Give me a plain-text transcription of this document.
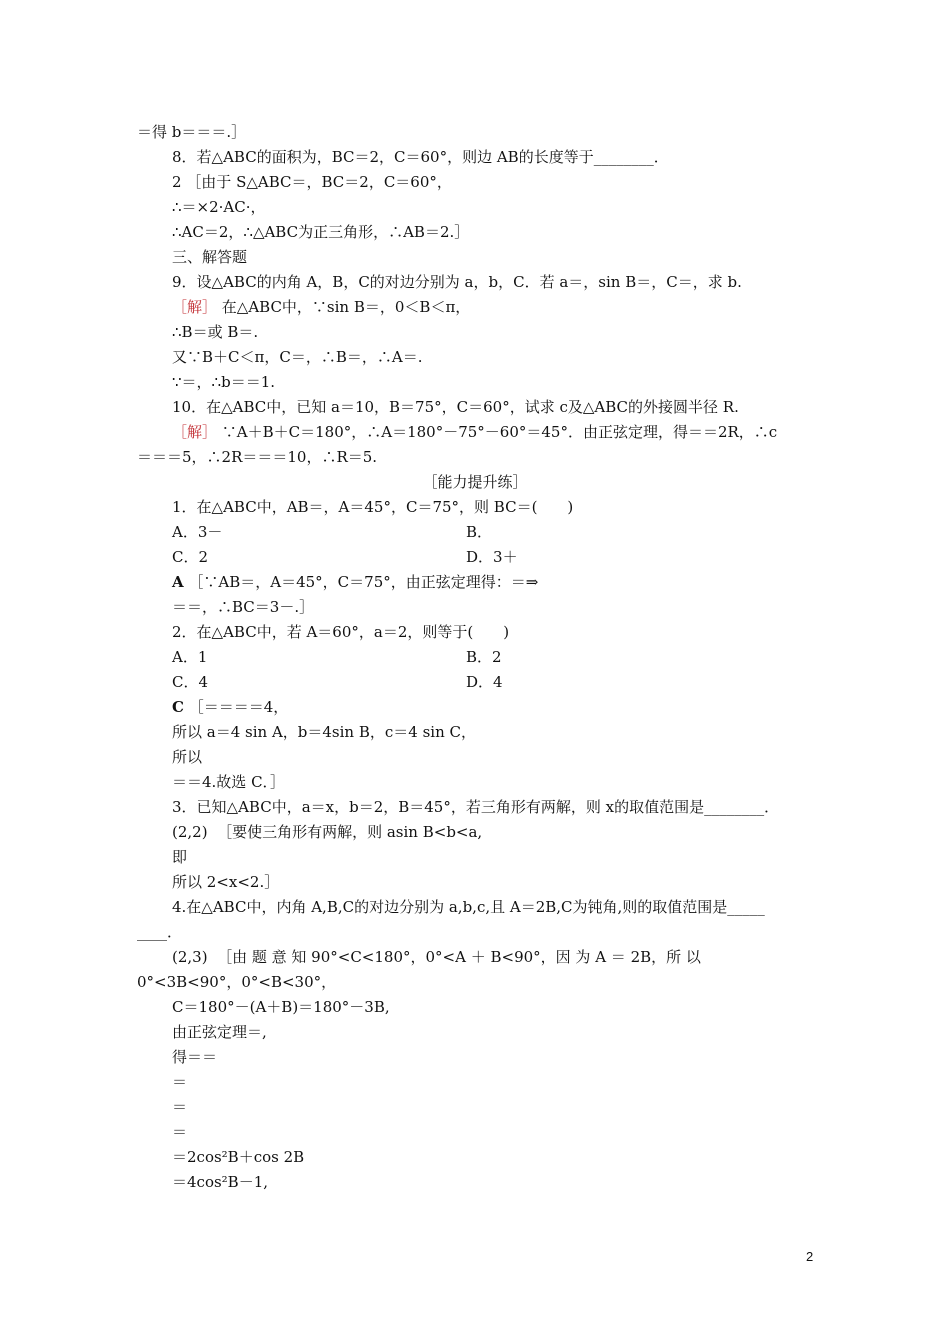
＝得 b＝＝＝.］
8．若△ABC的面积为，BC＝2，C＝60°，则边 AB的长度等于________．
2 ［由于 S△ABC＝，BC＝2，C＝60°，
∴＝×2·AC·，
∴AC＝2，∴△ABC为正三角形，∴AB＝2.］
三、解答题
9．设△ABC的内角 A，B，C的对边分别为 a，b，C．若 a＝，sin B＝，C＝，求 b.
［解］ 在△ABC中，∵sin B＝，0＜B＜π，
∴B＝或 B＝.
又∵B＋C＜π，C＝，∴B＝，∴A＝.
∵＝，∴b＝＝1.
10．在△ABC中，已知 a＝10，B＝75°，C＝60°，试求 c及△ABC的外接圆半径 R.
［解］ ∵A＋B＋C＝180°，∴A＝180°－75°－60°＝45°．由正弦定理，得＝＝2R，∴c
＝＝＝5，∴2R＝＝＝10，∴R＝5.
［能力提升练］
1．在△ABC中，AB＝，A＝45°，C＝75°，则 BC＝(　　)
A．3－	B．
C．2	D．3＋
A ［∵AB＝，A＝45°，C＝75°，由正弦定理得：＝⇒
＝＝，∴BC＝3－.］
2．在△ABC中，若 A＝60°，a＝2，则等于(　　)
A．1	B．2
C．4	D．4
C ［＝＝＝＝4，
所以 a＝4 sin A，b＝4sin B，c＝4 sin C，
所以
＝＝4.故选 C．］
3．已知△ABC中，a＝x，b＝2，B＝45°，若三角形有两解，则 x的取值范围是________．
(2,2)  ［要使三角形有两解，则 asin B<b<a,
即
所以 2<x<2.］
4.在△ABC中，内角 A,B,C的对边分别为 a,b,c,且 A＝2B,C为钝角,则的取值范围是_____
____．
(2,3)  ［由 题 意 知 90°<C<180°，0°<A ＋ B<90°，因 为 A ＝ 2B，所 以
0°<3B<90°，0°<B<30°，
C＝180°－(A＋B)＝180°－3B,
由正弦定理＝,
得＝＝
＝
＝
＝
＝2cos²B＋cos 2B
＝4cos²B－1,
2
